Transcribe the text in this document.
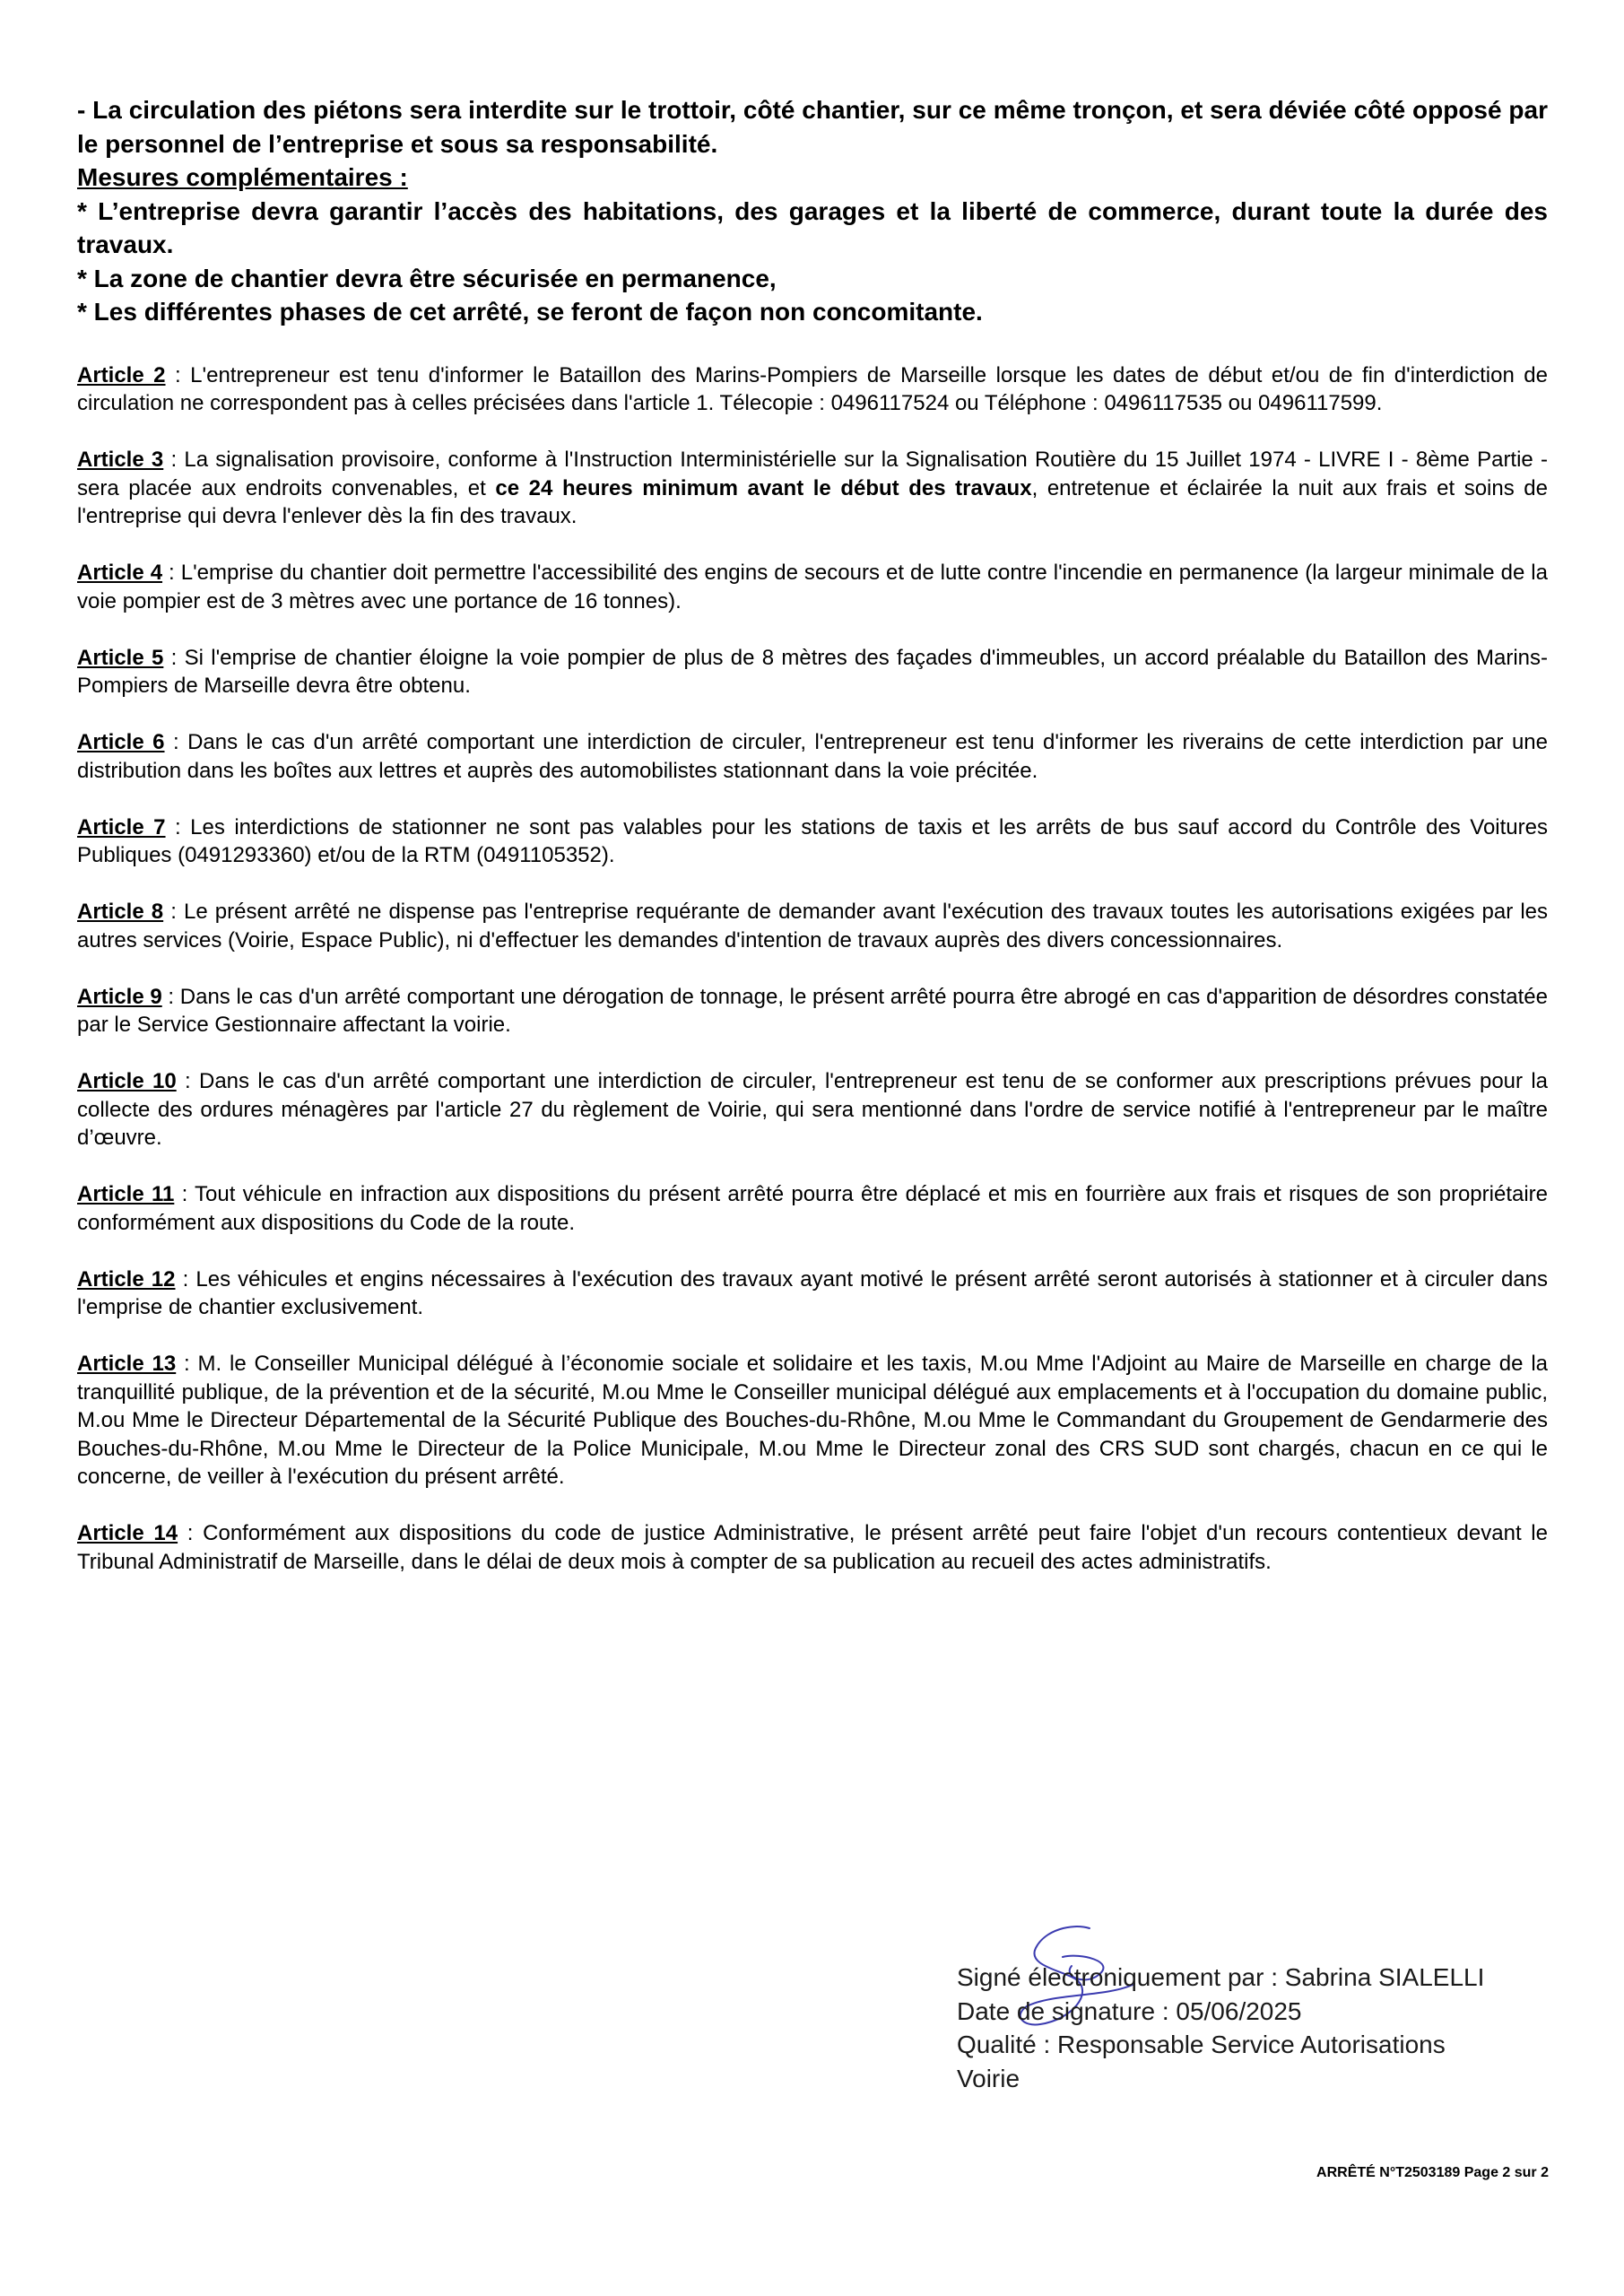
- La circulation des piétons sera interdite sur le trottoir, côté chantier, sur ce même tronçon, et sera déviée côté opposé par le personnel de l’entreprise et sous sa responsabilité.

Mesures complémentaires :

* L’entreprise devra garantir l’accès des habitations, des garages et la liberté de commerce, durant toute la durée des travaux.

* La zone de chantier devra être sécurisée en permanence,

* Les différentes phases de cet arrêté, se feront de façon non concomitante.

Article 2 : L'entrepreneur est tenu d'informer le Bataillon des Marins-Pompiers de Marseille lorsque les dates de début et/ou de fin d'interdiction de circulation ne correspondent pas à celles précisées dans l'article 1. Télecopie : 0496117524 ou Téléphone : 0496117535 ou 0496117599.

Article 3 : La signalisation provisoire, conforme à l'Instruction Interministérielle sur la Signalisation Routière du 15 Juillet 1974 - LIVRE I - 8ème Partie - sera placée aux endroits convenables, et ce 24 heures minimum avant le début des travaux, entretenue et éclairée la nuit aux frais et soins de l'entreprise qui devra l'enlever dès la fin des travaux.

Article 4 : L'emprise du chantier doit permettre l'accessibilité des engins de secours et de lutte contre l'incendie en permanence (la largeur minimale de la voie pompier est de 3 mètres avec une portance de 16 tonnes).

Article 5 : Si l'emprise de chantier éloigne la voie pompier de plus de 8 mètres des façades d'immeubles, un accord préalable du Bataillon des Marins-Pompiers de Marseille devra être obtenu.

Article 6 : Dans le cas d'un arrêté comportant une interdiction de circuler, l'entrepreneur est tenu d'informer les riverains de cette interdiction par une distribution dans les boîtes aux lettres et auprès des automobilistes stationnant dans la voie précitée.

Article 7 : Les interdictions de stationner ne sont pas valables pour les stations de taxis et les arrêts de bus sauf accord du Contrôle des Voitures Publiques (0491293360) et/ou de la RTM (0491105352).

Article 8 : Le présent arrêté ne dispense pas l'entreprise requérante de demander avant l'exécution des travaux toutes les autorisations exigées par les autres services (Voirie, Espace Public), ni d'effectuer les demandes d'intention de travaux auprès des divers concessionnaires.

Article 9 : Dans le cas d'un arrêté comportant une dérogation de tonnage, le présent arrêté pourra être abrogé en cas d'apparition de désordres constatée par le Service Gestionnaire affectant la voirie.

Article 10 : Dans le cas d'un arrêté comportant une interdiction de circuler, l'entrepreneur est tenu de se conformer aux prescriptions prévues pour la collecte des ordures ménagères par l'article 27 du règlement de Voirie, qui sera mentionné dans l'ordre de service notifié à l'entrepreneur par le maître d’œuvre.

Article 11 : Tout véhicule en infraction aux dispositions du présent arrêté pourra être déplacé et mis en fourrière aux frais et risques de son propriétaire conformément aux dispositions du Code de la route.

Article 12 : Les véhicules et engins nécessaires à l'exécution des travaux ayant motivé le présent arrêté seront autorisés à stationner et à circuler dans l'emprise de chantier exclusivement.

Article 13 : M. le Conseiller Municipal délégué à l’économie sociale et solidaire et les taxis, M.ou Mme l'Adjoint au Maire de Marseille en charge de la tranquillité publique, de la prévention et de la sécurité, M.ou Mme le Conseiller municipal délégué aux emplacements et à l'occupation du domaine public, M.ou Mme le Directeur Départemental de la Sécurité Publique des Bouches-du-Rhône, M.ou Mme le Commandant du Groupement de Gendarmerie des Bouches-du-Rhône, M.ou Mme le Directeur de la Police Municipale, M.ou Mme le Directeur zonal des CRS SUD sont chargés, chacun en ce qui le concerne, de veiller à l'exécution du présent arrêté.

Article 14 : Conformément aux dispositions du code de justice Administrative, le présent arrêté peut faire l'objet d'un recours contentieux devant le Tribunal Administratif de Marseille, dans le délai de deux mois à compter de sa publication au recueil des actes administratifs.

Signé électroniquement par : Sabrina SIALELLI
Date de signature : 05/06/2025
Qualité : Responsable Service Autorisations
Voirie
ARRÊTÉ N°T2503189 Page 2 sur 2
